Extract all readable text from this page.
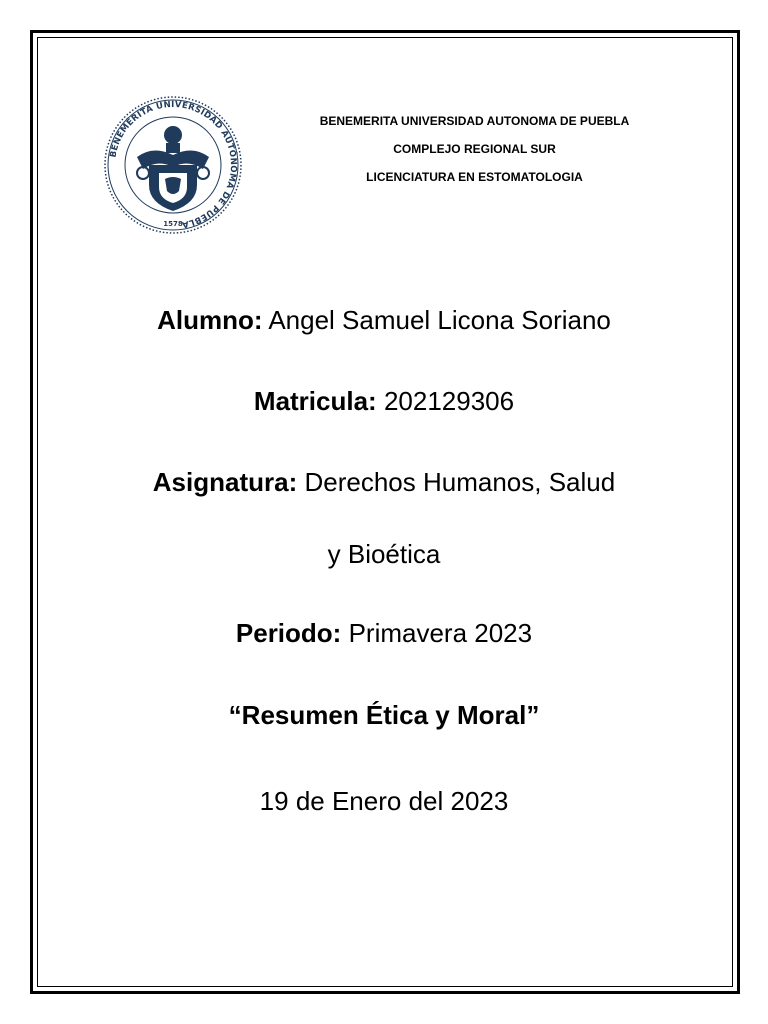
BENEMÉRITA UNIVERSIDAD AUTÓNOMA DE PUEBLA
1578
BENEMERITA UNIVERSIDAD AUTONOMA DE PUEBLA
COMPLEJO REGIONAL SUR
LICENCIATURA EN ESTOMATOLOGIA
Alumno: Angel Samuel Licona Soriano
Matricula: 202129306
Asignatura: Derechos Humanos, Salud
y Bioética
Periodo: Primavera 2023
“Resumen Ética y Moral”
19 de Enero del 2023
